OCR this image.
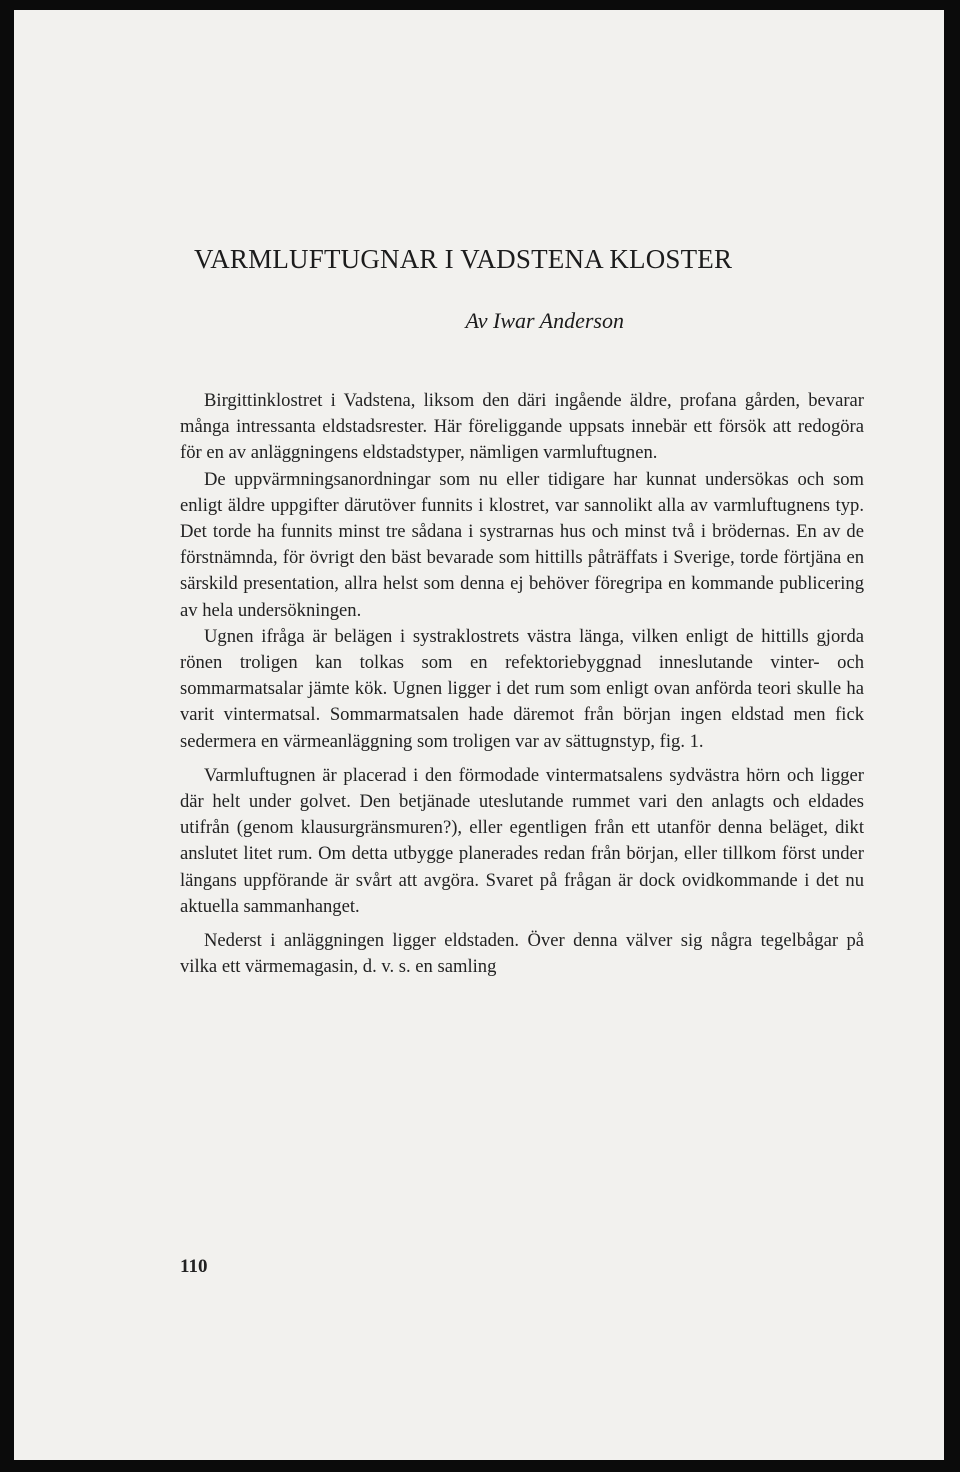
VARMLUFTUGNAR I VADSTENA KLOSTER
Av Iwar Anderson

Birgittinklostret i Vadstena, liksom den däri ingående äldre, profana gården, bevarar många intressanta eldstadsrester. Här föreliggande uppsats innebär ett försök att redogöra för en av anläggningens eldstadstyper, nämligen varmluftugnen.

De uppvärmningsanordningar som nu eller tidigare har kunnat undersökas och som enligt äldre uppgifter därutöver funnits i klostret, var sannolikt alla av varmluftugnens typ. Det torde ha funnits minst tre sådana i systrarnas hus och minst två i brödernas. En av de förstnämnda, för övrigt den bäst bevarade som hittills påträffats i Sverige, torde förtjäna en särskild presentation, allra helst som denna ej behöver föregripa en kommande publicering av hela undersökningen.

Ugnen ifråga är belägen i systraklostrets västra länga, vilken enligt de hittills gjorda rönen troligen kan tolkas som en refektoriebyggnad inneslutande vinter- och sommarmatsalar jämte kök. Ugnen ligger i det rum som enligt ovan anförda teori skulle ha varit vintermatsal. Sommarmatsalen hade däremot från början ingen eldstad men fick sedermera en värmeanläggning som troligen var av sättugnstyp, fig. 1.

Varmluftugnen är placerad i den förmodade vintermatsalens sydvästra hörn och ligger där helt under golvet. Den betjänade uteslutande rummet vari den anlagts och eldades utifrån (genom klausurgränsmuren?), eller egentligen från ett utanför denna beläget, dikt anslutet litet rum. Om detta utbygge planerades redan från början, eller tillkom först under längans uppförande är svårt att avgöra. Svaret på frågan är dock ovidkommande i det nu aktuella sammanhanget.

Nederst i anläggningen ligger eldstaden. Över denna välver sig några tegelbågar på vilka ett värmemagasin, d. v. s. en samling

110
